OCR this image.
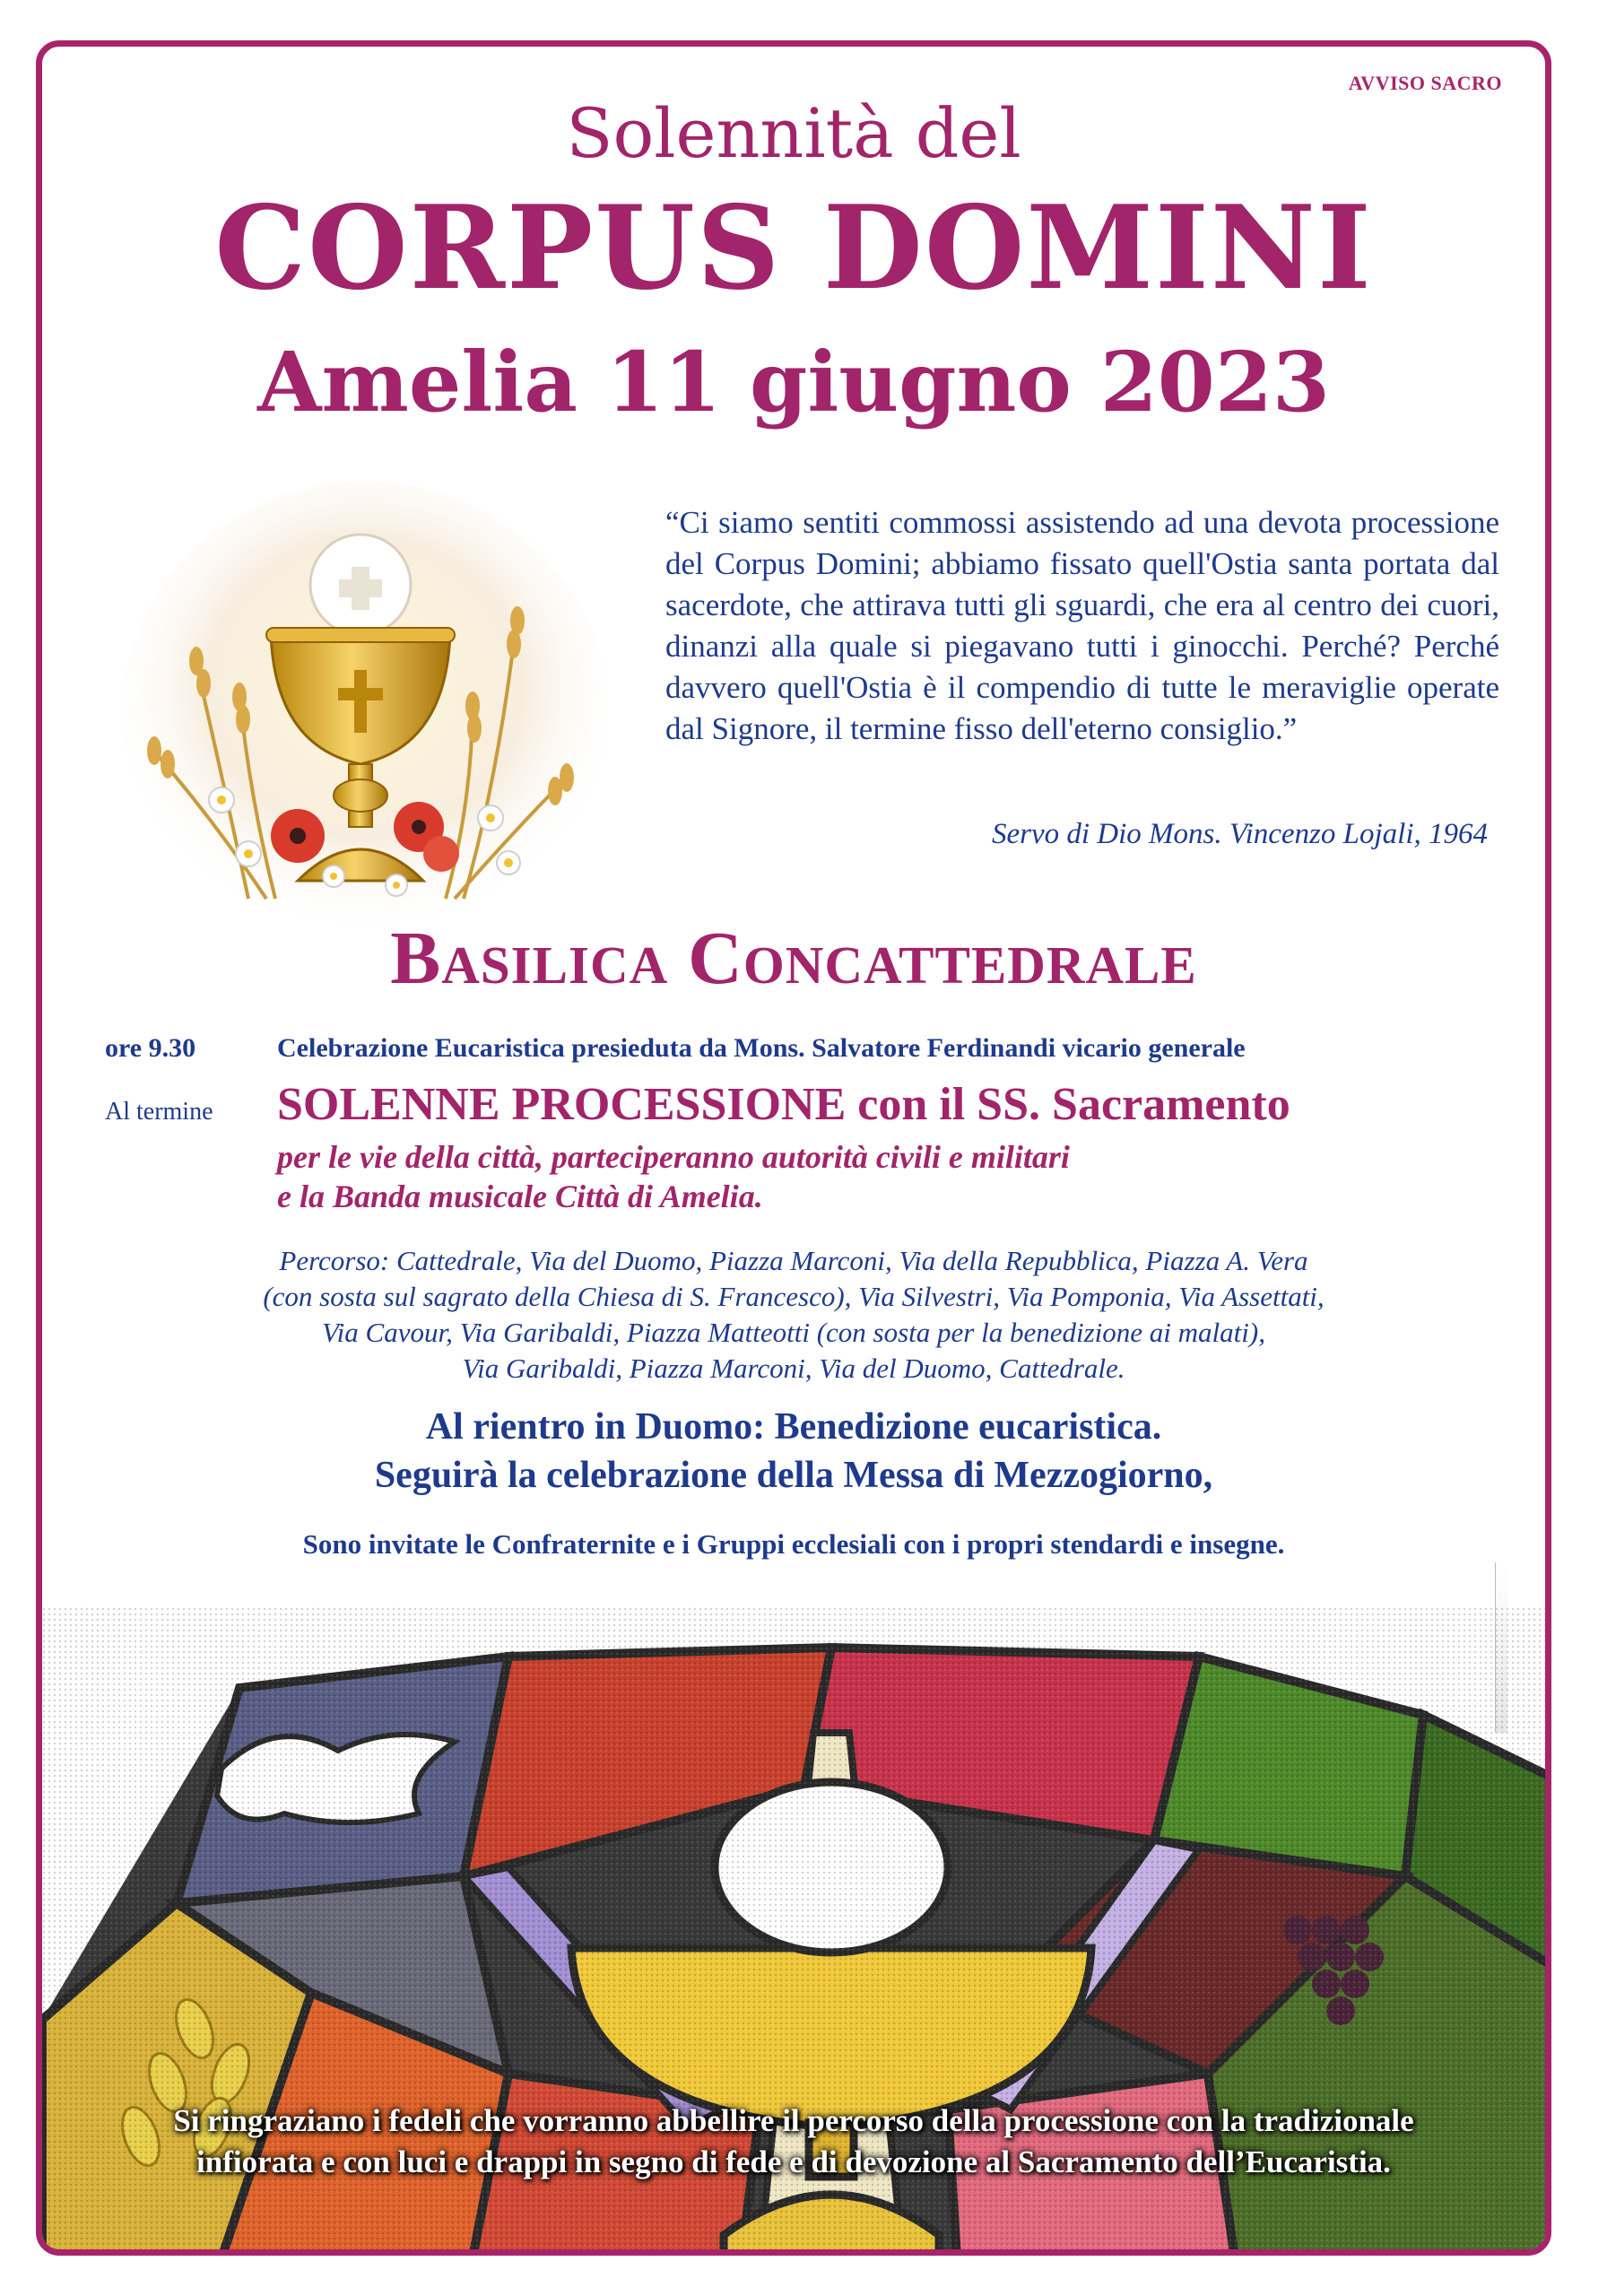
AVVISO SACRO
Solennità del
CORPUS DOMINI
Amelia 11 giugno 2023
“Ci siamo sentiti commossi assistendo ad una devota processione del Corpus Domini; abbiamo fissato quell'Ostia santa portata dal sacerdote, che attirava tutti gli sguardi, che era al centro dei cuori, dinanzi alla quale si piegavano tutti i ginocchi. Perché? Perché davvero quell'Ostia è il compendio di tutte le meraviglie operate dal Signore, il termine fisso dell'eterno consiglio.”
Servo di Dio Mons. Vincenzo Lojali, 1964
Basilica Concattedrale
ore 9.30	Celebrazione Eucaristica presieduta da Mons. Salvatore Ferdinandi vicario generale
Al termine SOLENNE PROCESSIONE con il SS. Sacramento
per le vie della città, parteciperanno autorità civili e militari
e la Banda musicale Città di Amelia.
Percorso: Cattedrale, Via del Duomo, Piazza Marconi, Via della Repubblica, Piazza A. Vera
(con sosta sul sagrato della Chiesa di S. Francesco), Via Silvestri, Via Pomponia, Via Assettati,
Via Cavour, Via Garibaldi, Piazza Matteotti (con sosta per la benedizione ai malati),
Via Garibaldi, Piazza Marconi, Via del Duomo, Cattedrale.
Al rientro in Duomo: Benedizione eucaristica.
Seguirà la celebrazione della Messa di Mezzogiorno,
Sono invitate le Confraternite e i Gruppi ecclesiali con i propri stendardi e insegne.
Si ringraziano i fedeli che vorranno abbellire il percorso della processione con la tradizionale
infiorata e con luci e drappi in segno di fede e di devozione al Sacramento dell’Eucaristia.
